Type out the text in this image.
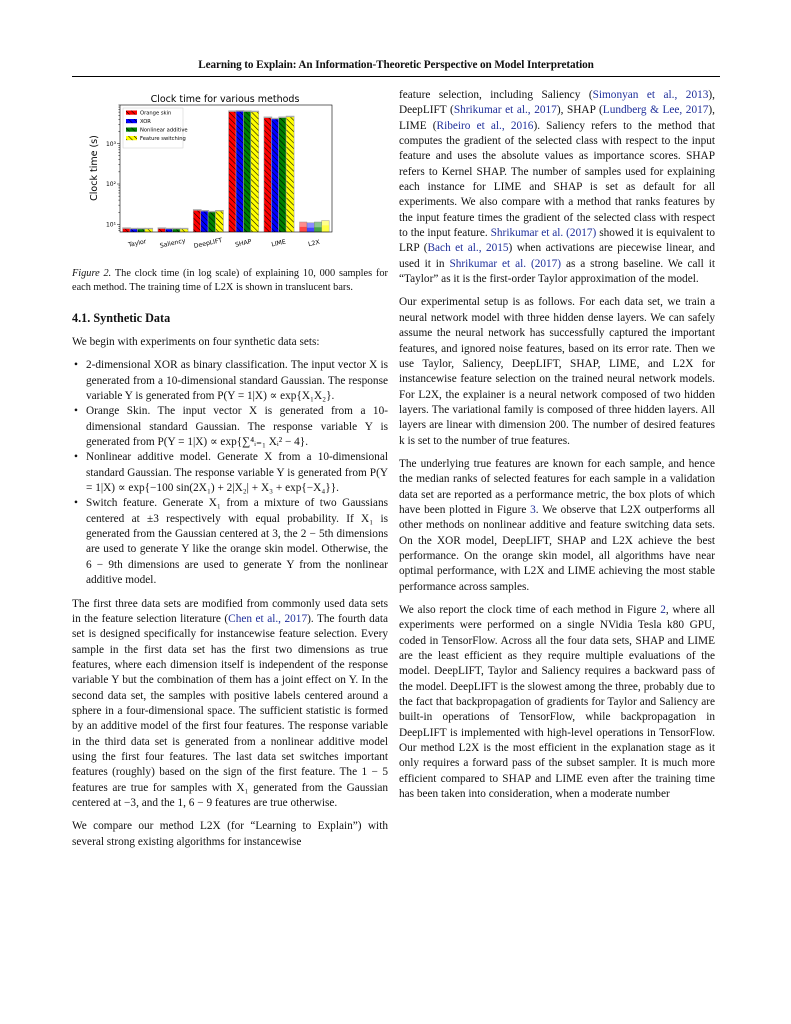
Learning to Explain: An Information-Theoretic Perspective on Model Interpretation
Clock time for various methods
Clock time (s)
10¹
10²
10³
Taylor Saliency DeepLIFT SHAP	LIME	L2X
Orange skin
XOR
Nonlinear additive
Feature switching
Figure 2. The clock time (in log scale) of explaining 10, 000 samples for each method. The training time of L2X is shown in translucent bars.
4.1. Synthetic Data

We begin with experiments on four synthetic data sets:

• 2-dimensional XOR as binary classification. The input vector X is generated from a 10-dimensional standard Gaussian. The response variable Y is generated from P(Y = 1|X) ∝ exp{X₁X₂}.
• Orange Skin. The input vector X is generated from a 10-dimensional standard Gaussian. The response variable Y is generated from P(Y = 1|X) ∝ exp{∑⁴ᵢ₌₁ Xᵢ² − 4}.
• Nonlinear additive model. Generate X from a 10-dimensional standard Gaussian. The response variable Y is generated from P(Y = 1|X) ∝ exp{−100 sin(2X₁) + 2|X₂| + X₃ + exp{−X₄}}.
• Switch feature. Generate X₁ from a mixture of two Gaussians centered at ±3 respectively with equal probability. If X₁ is generated from the Gaussian centered at 3, the 2 − 5th dimensions are used to generate Y like the orange skin model. Otherwise, the 6 − 9th dimensions are used to generate Y from the nonlinear additive model.

The first three data sets are modified from commonly used data sets in the feature selection literature (Chen et al., 2017). The fourth data set is designed specifically for instancewise feature selection. Every sample in the first data set has the first two dimensions as true features, where each dimension itself is independent of the response variable Y but the combination of them has a joint effect on Y. In the second data set, the samples with positive labels centered around a sphere in a four-dimensional space. The sufficient statistic is formed by an additive model of the first four features. The response variable in the third data set is generated from a nonlinear additive model using the first four features. The last data set switches important features (roughly) based on the sign of the first feature. The 1 − 5 features are true for samples with X₁ generated from the Gaussian centered at −3, and the 1, 6 − 9 features are true otherwise.

We compare our method L2X (for “Learning to Explain”) with several strong existing algorithms for instancewise

feature selection, including Saliency (Simonyan et al., 2013), DeepLIFT (Shrikumar et al., 2017), SHAP (Lundberg & Lee, 2017), LIME (Ribeiro et al., 2016). Saliency refers to the method that computes the gradient of the selected class with respect to the input feature and uses the absolute values as importance scores. SHAP refers to Kernel SHAP. The number of samples used for explaining each instance for LIME and SHAP is set as default for all experiments. We also compare with a method that ranks features by the input feature times the gradient of the selected class with respect to the input feature. Shrikumar et al. (2017) showed it is equivalent to LRP (Bach et al., 2015) when activations are piecewise linear, and used it in Shrikumar et al. (2017) as a strong baseline. We call it “Taylor” as it is the first-order Taylor approximation of the model.

Our experimental setup is as follows. For each data set, we train a neural network model with three hidden dense layers. We can safely assume the neural network has successfully captured the important features, and ignored noise features, based on its error rate. Then we use Taylor, Saliency, DeepLIFT, SHAP, LIME, and L2X for instancewise feature selection on the trained neural network models. For L2X, the explainer is a neural network composed of two hidden layers. The variational family is composed of three hidden layers. All layers are linear with dimension 200. The number of desired features k is set to the number of true features.

The underlying true features are known for each sample, and hence the median ranks of selected features for each sample in a validation data set are reported as a performance metric, the box plots of which have been plotted in Figure 3. We observe that L2X outperforms all other methods on nonlinear additive and feature switching data sets. On the XOR model, DeepLIFT, SHAP and L2X achieve the best performance. On the orange skin model, all algorithms have near optimal performance, with L2X and LIME achieving the most stable performance across samples.

We also report the clock time of each method in Figure 2, where all experiments were performed on a single NVidia Tesla k80 GPU, coded in TensorFlow. Across all the four data sets, SHAP and LIME are the least efficient as they require multiple evaluations of the model. DeepLIFT, Taylor and Saliency requires a backward pass of the model. DeepLIFT is the slowest among the three, probably due to the fact that backpropagation of gradients for Taylor and Saliency are built-in operations of TensorFlow, while backpropagation in DeepLIFT is implemented with high-level operations in TensorFlow. Our method L2X is the most efficient in the explanation stage as it only requires a forward pass of the subset sampler. It is much more efficient compared to SHAP and LIME even after the training time has been taken into consideration, when a moderate number
